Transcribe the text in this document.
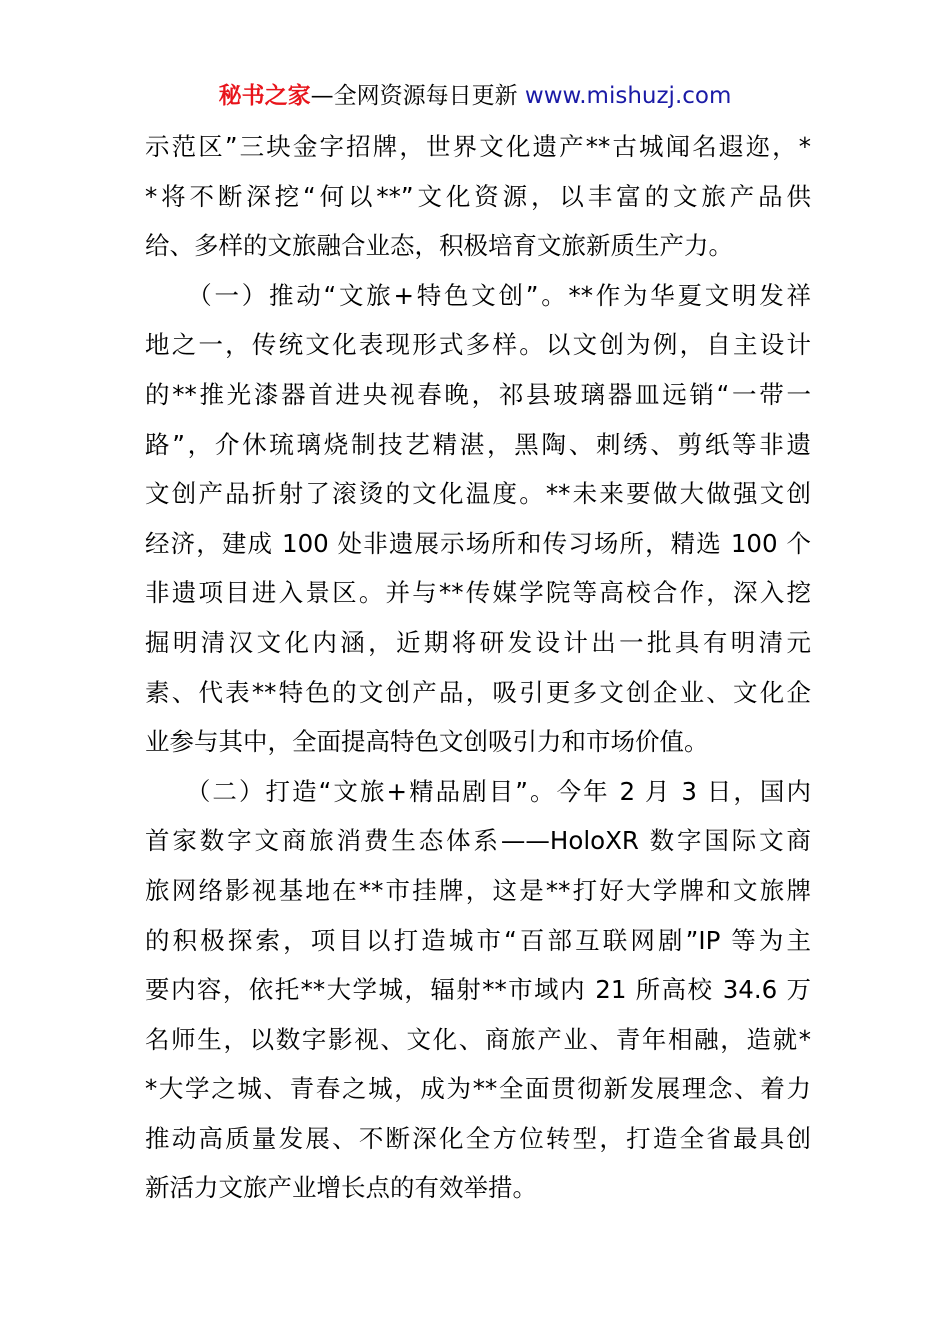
秘书之家—全网资源每日更新 www.mishuzj.com
示范区”三块金字招牌，世界文化遗产**古城闻名遐迩，*
*将不断深挖“何以**”文化资源，以丰富的文旅产品供
给、多样的文旅融合业态，积极培育文旅新质生产力。
　　（一）推动“文旅+特色文创”。**作为华夏文明发祥
地之一，传统文化表现形式多样。以文创为例，自主设计
的**推光漆器首进央视春晚，祁县玻璃器皿远销“一带一
路”，介休琉璃烧制技艺精湛，黑陶、刺绣、剪纸等非遗
文创产品折射了滚烫的文化温度。**未来要做大做强文创
经济，建成 100 处非遗展示场所和传习场所，精选 100 个
非遗项目进入景区。并与**传媒学院等高校合作，深入挖
掘明清汉文化内涵，近期将研发设计出一批具有明清元
素、代表**特色的文创产品，吸引更多文创企业、文化企
业参与其中，全面提高特色文创吸引力和市场价值。
　　（二）打造“文旅+精品剧目”。今年 2 月 3 日，国内
首家数字文商旅消费生态体系——HoloXR 数字国际文商
旅网络影视基地在**市挂牌，这是**打好大学牌和文旅牌
的积极探索，项目以打造城市“百部互联网剧”IP 等为主
要内容，依托**大学城，辐射**市域内 21 所高校 34.6 万
名师生，以数字影视、文化、商旅产业、青年相融，造就*
*大学之城、青春之城，成为**全面贯彻新发展理念、着力
推动高质量发展、不断深化全方位转型，打造全省最具创
新活力文旅产业增长点的有效举措。
